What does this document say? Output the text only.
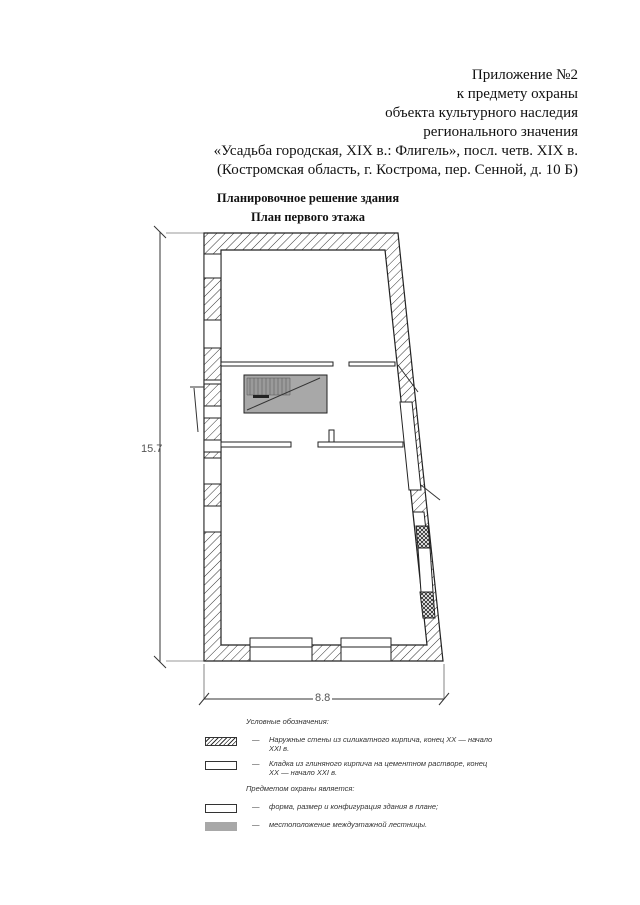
Приложение №2
к предмету охраны
объекта культурного наследия
регионального значения
«Усадьба городская, XIX в.: Флигель», посл. четв. XIX в.
(Костромская область, г. Кострома, пер. Сенной, д. 10 Б)
Планировочное решение здания
План первого этажа
15.7
8.8
Условные обозначения:
— Наружные стены из силикатного кирпича, конец XX — начало XXI в.
— Кладка из глиняного кирпича на цементном растворе, конец XX — начало XXI в.
Предметом охраны является:
— форма, размер и конфигурация здания в плане;
— местоположение междуэтажной лестницы.
